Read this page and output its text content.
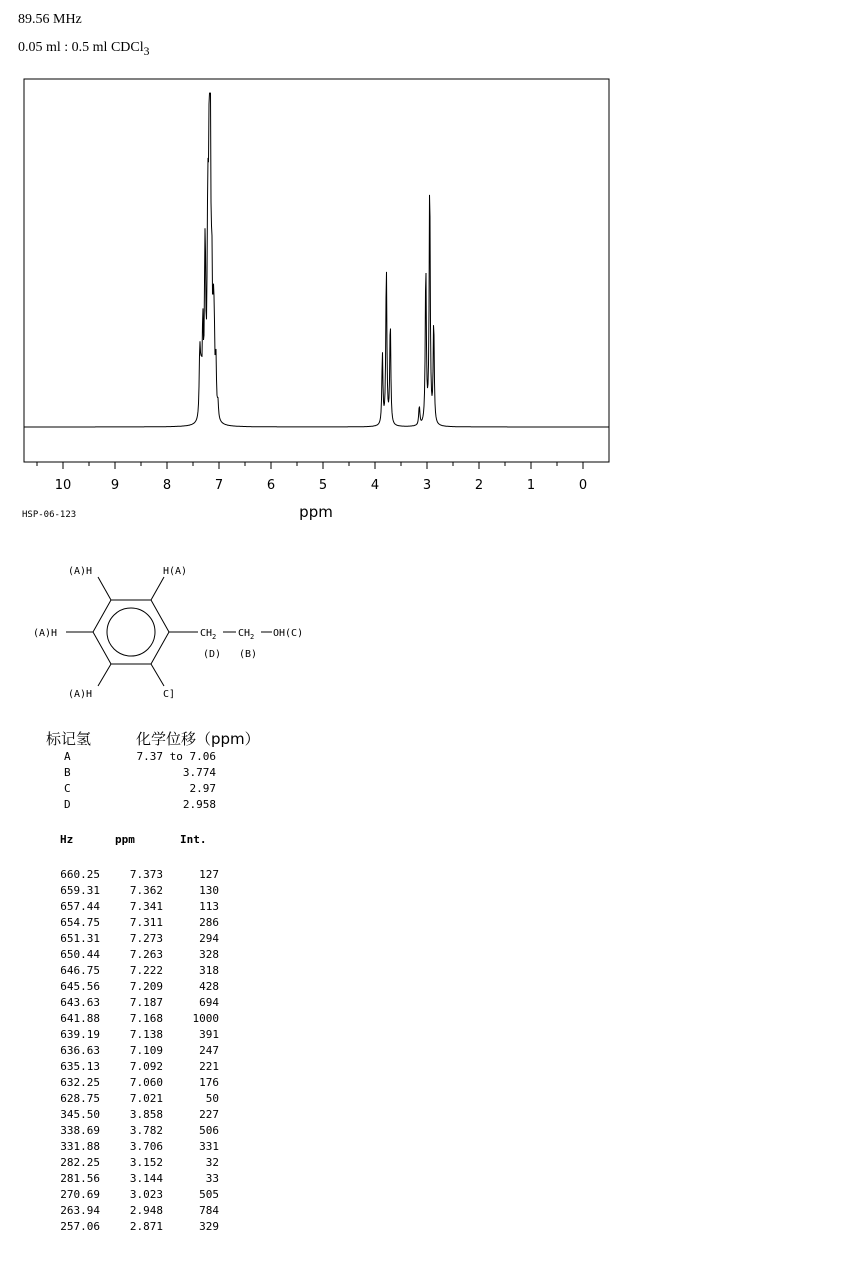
89.56 MHz
0.05 ml : 0.5 ml CDCl$_3$
10	9	8	7	6	5	4	3	2	1	0
ppm
HSP-06-123
(A)H	H(A)
(A)H
(A)H	C]
$CH_2$ $CH_2$ OH(C)
(D) (B)
标记氢	化学位移（ppm）
A	7.37 to 7.06
B	3.774
C	2.97
D	2.958
Hz	ppm	Int.
660.25	7.373	127
659.31	7.362	130
657.44	7.341	113
654.75	7.311	286
651.31	7.273	294
650.44	7.263	328
646.75	7.222	318
645.56	7.209	428
643.63	7.187	694
641.88	7.168	1000
639.19	7.138	391
636.63	7.109	247
635.13	7.092	221
632.25	7.060	176
628.75	7.021	50
345.50	3.858	227
338.69	3.782	506
331.88	3.706	331
282.25	3.152	32
281.56	3.144	33
270.69	3.023	505
263.94	2.948	784
257.06	2.871	329
